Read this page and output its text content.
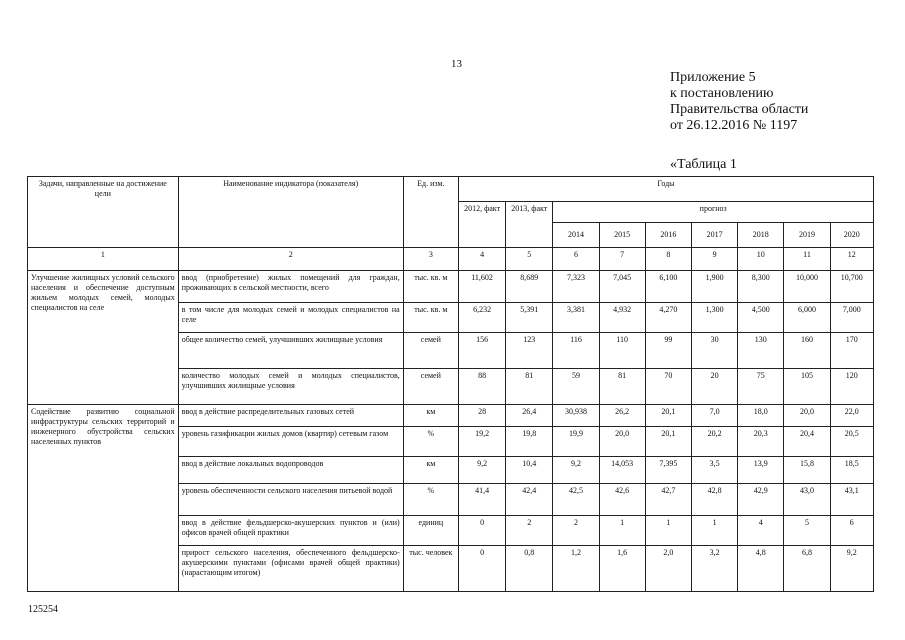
13
Приложение 5
к постановлению
Правительства области
от 26.12.2016 № 1197
«Таблица 1
Задачи, направленные на достижение цели	Наименование индикатора (показателя)	Ед. изм.	Годы								
			2012, факт	2013, факт	прогноз						
					2014	2015	2016	2017	2018	2019	2020
1	2	3	4	5	6	7	8	9	10	11	12
Улучшение жилищных условий сельского населения и обеспечение доступным жильем молодых семей, молодых специалистов на селе	ввод (приобретение) жилых помещений для граждан, проживающих в сельской местности, всего	тыс. кв. м	11,602	8,689	7,323	7,045	6,100	1,900	8,300	10,000	10,700
	в том числе для молодых семей и молодых специалистов на селе	тыс. кв. м	6,232	5,391	3,381	4,932	4,270	1,300	4,500	6,000	7,000
	общее количество семей, улучшивших жилищные условия	семей	156	123	116	110	99	30	130	160	170
	количество молодых семей и молодых специалистов, улучшивших жилищные условия	семей	88	81	59	81	70	20	75	105	120
Содействие развитию социальной инфраструктуры сельских территорий и инженерного обустройства сельских населенных пунктов	ввод в действие распределительных газовых сетей	км	28	26,4	30,938	26,2	20,1	7,0	18,0	20,0	22,0
	уровень газификации жилых домов (квартир) сетевым газом	%	19,2	19,8	19,9	20,0	20,1	20,2	20,3	20,4	20,5
	ввод в действие локальных водопроводов	км	9,2	10,4	9,2	14,053	7,395	3,5	13,9	15,8	18,5
	уровень обеспеченности сельского населения питьевой водой	%	41,4	42,4	42,5	42,6	42,7	42,8	42,9	43,0	43,1
	ввод в действие фельдшерско-акушерских пунктов и (или) офисов врачей общей практики	единиц	0	2	2	1	1	1	4	5	6
	прирост сельского населения, обеспеченного фельдшерско-акушерскими пунктами (офисами врачей общей практики) (нарастающим итогом)	тыс. человек	0	0,8	1,2	1,6	2,0	3,2	4,8	6,8	9,2
125254
